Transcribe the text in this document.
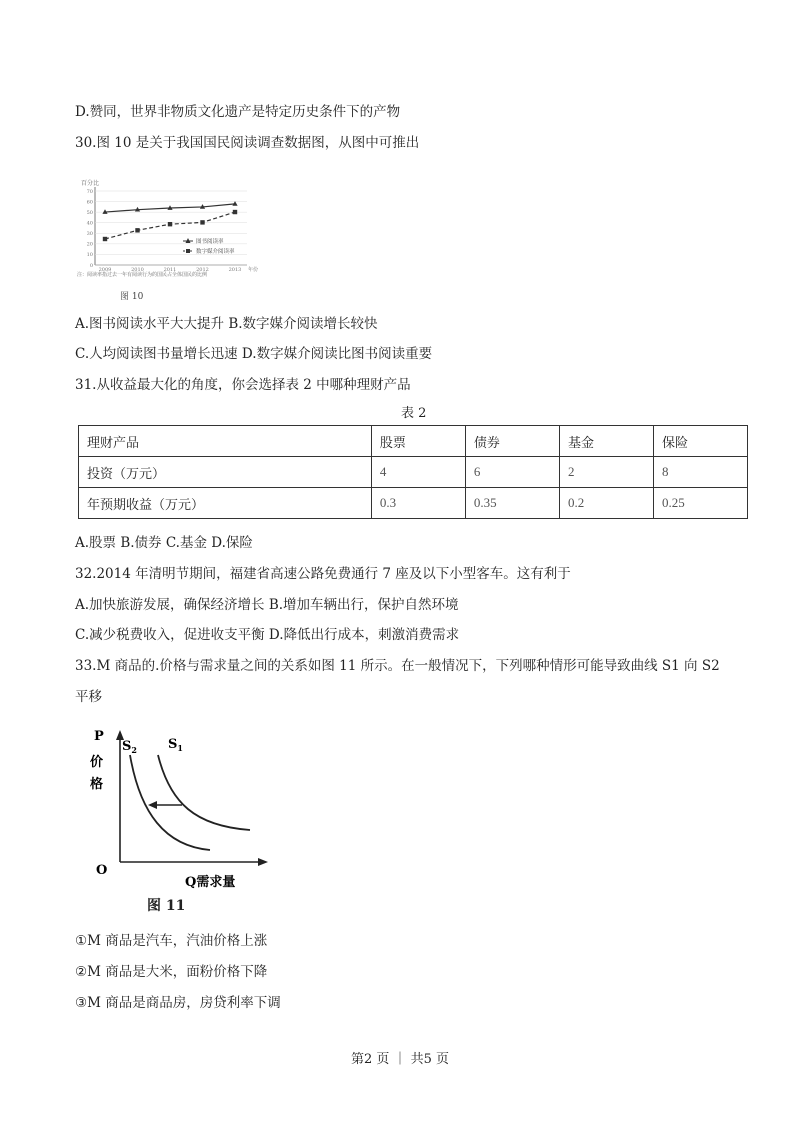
D.赞同，世界非物质文化遗产是特定历史条件下的产物
30.图 10 是关于我国国民阅读调查数据图，从图中可推出
百分比
0
10
20
30
40
50
60
70
2009	2010	2011	2012	2013 年份
图书阅读率
数字媒介阅读率
注：阅读率指过去一年有阅读行为的国民占全体国民的比例
图 10
A.图书阅读水平大大提升 B.数字媒介阅读增长较快
C.人均阅读图书量增长迅速 D.数字媒介阅读比图书阅读重要
31.从收益最大化的角度，你会选择表 2 中哪种理财产品
表 2
理财产品	股票	债券	基金	保险
投资（万元）	4	6	2	8
年预期收益（万元）	0.3	0.35	0.2	0.25
A.股票 B.债券 C.基金 D.保险
32.2014 年清明节期间，福建省高速公路免费通行 7 座及以下小型客车。这有利于
A.加快旅游发展，确保经济增长 B.增加车辆出行，保护自然环境
C.减少税费收入，促进收支平衡 D.降低出行成本，刺激消费需求
33.M 商品的.价格与需求量之间的关系如图 11 所示。在一般情况下，下列哪种情形可能导致曲线 S1 向 S2
平移
P
价
格
O
Q需求量
$S_2$ $S_1$
图 11
①M 商品是汽车，汽油价格上涨
②M 商品是大米，面粉价格下降
③M 商品是商品房，房贷利率下调
第2 页 ｜ 共5 页
